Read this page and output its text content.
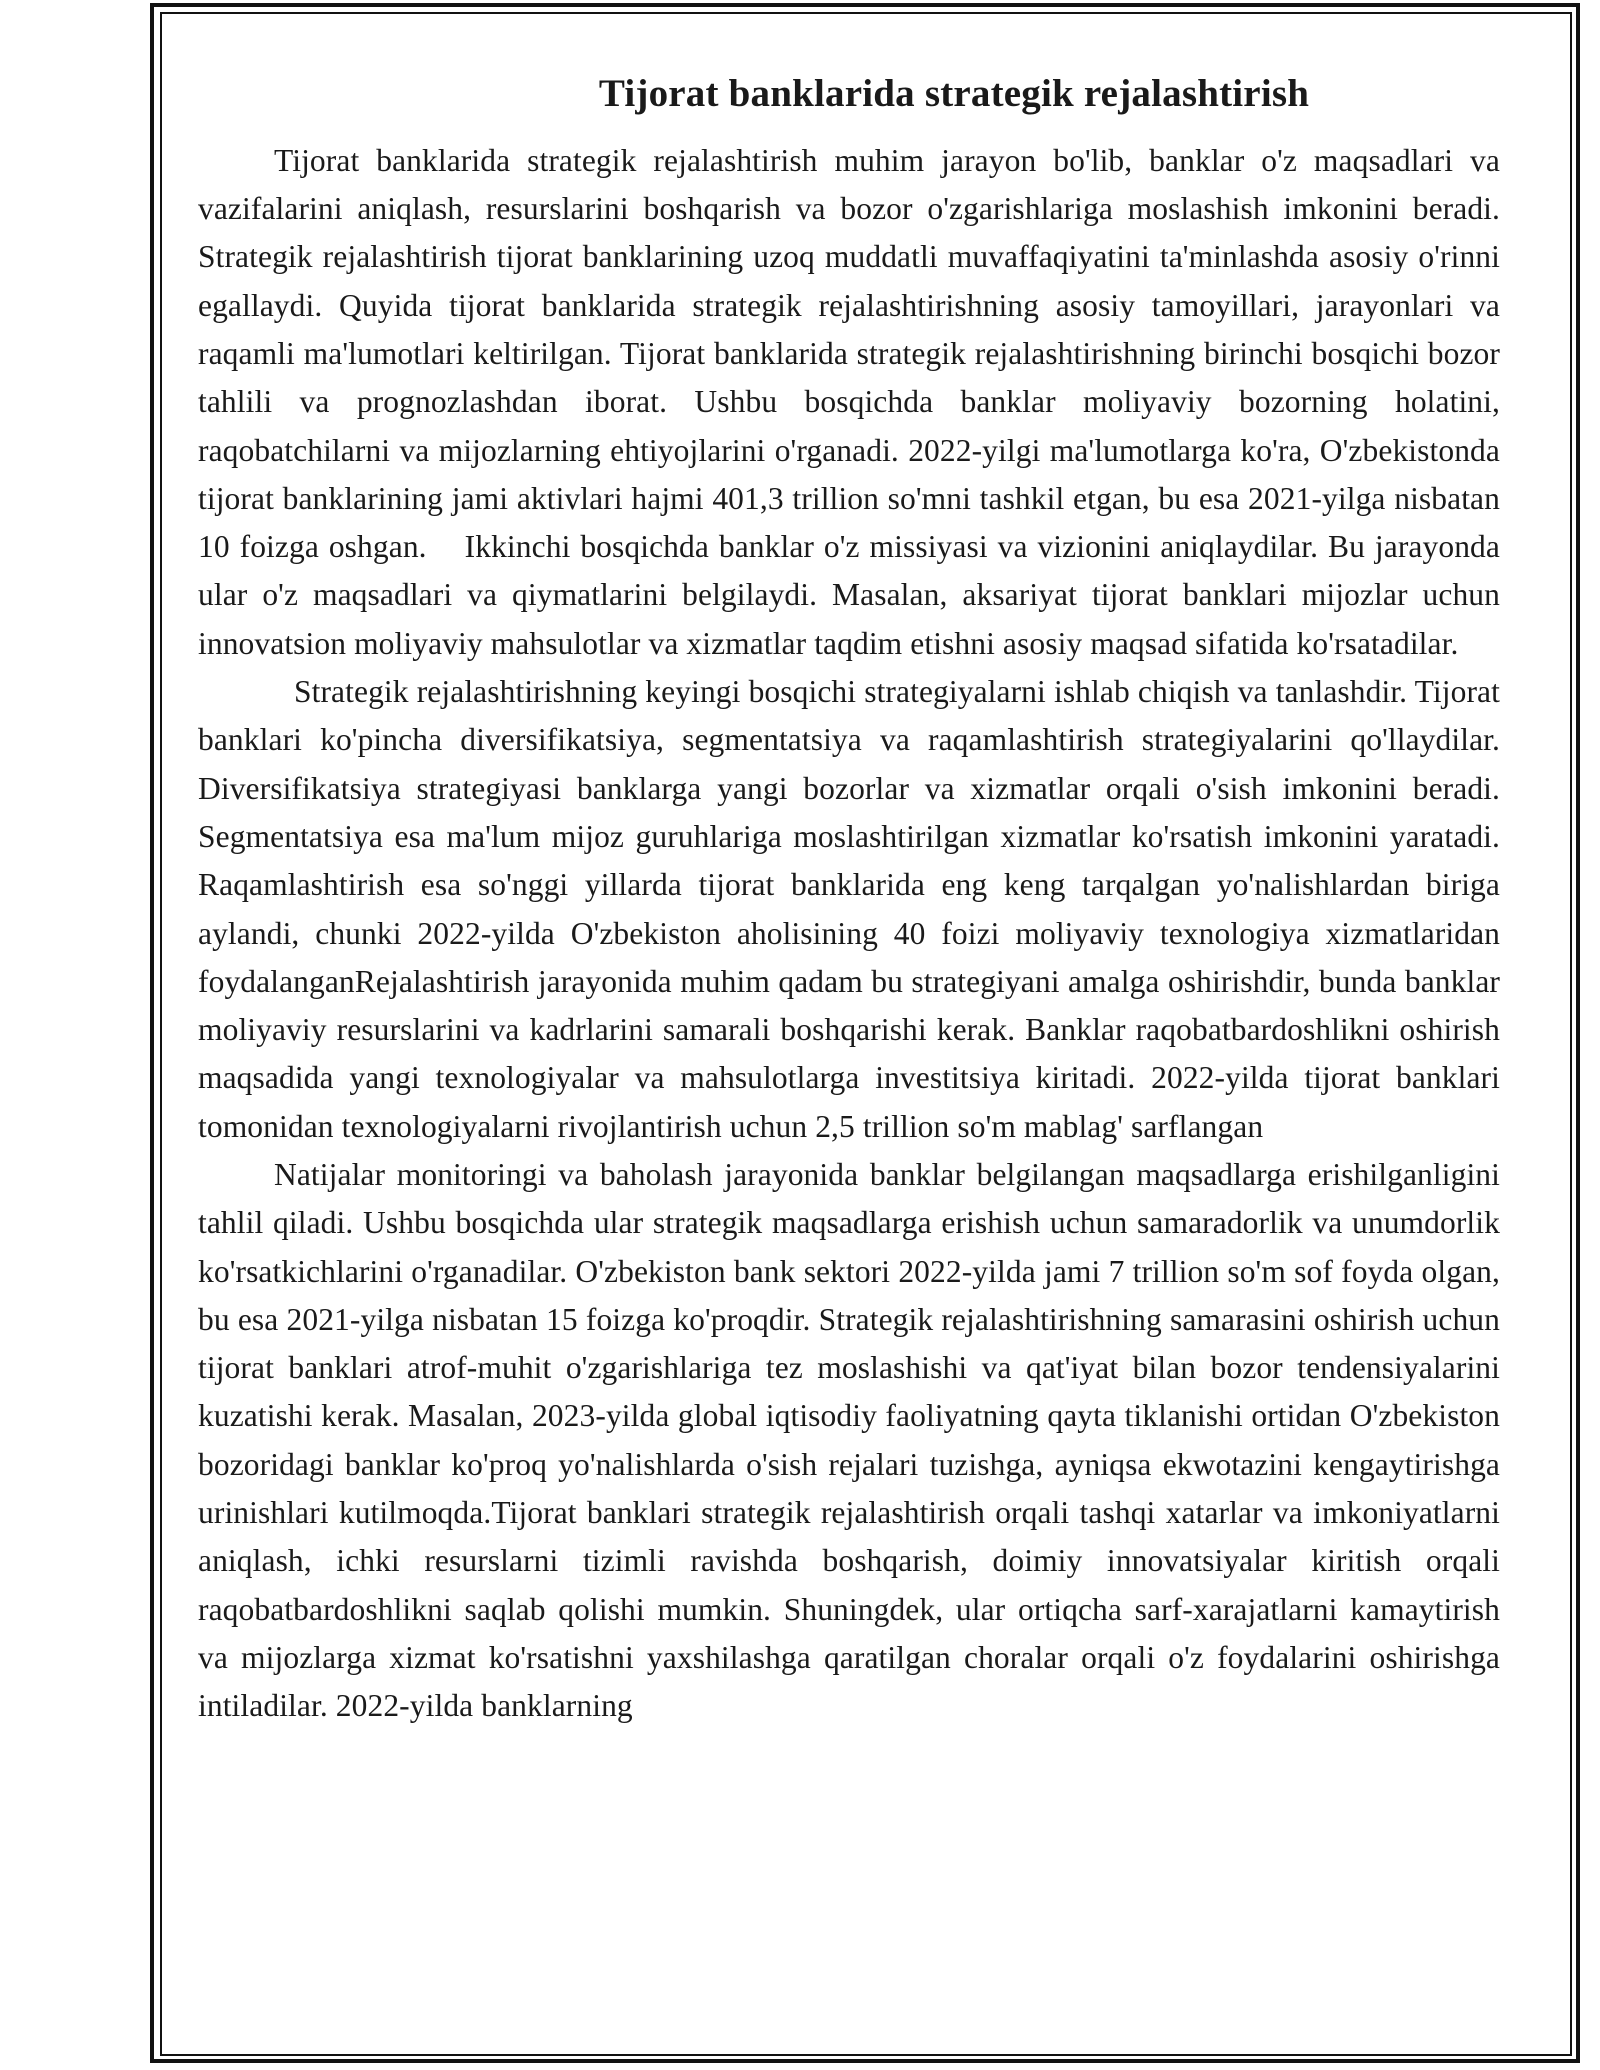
Tijorat banklarida strategik rejalashtirish

Tijorat banklarida strategik rejalashtirish muhim jarayon bo'lib, banklar o'z maqsadlari va vazifalarini aniqlash, resurslarini boshqarish va bozor o'zgarishlariga moslashish imkonini beradi. Strategik rejalashtirish tijorat banklarining uzoq muddatli muvaffaqiyatini ta'minlashda asosiy o'rinni egallaydi. Quyida tijorat banklarida strategik rejalashtirishning asosiy tamoyillari, jarayonlari va raqamli ma'lumotlari keltirilgan. Tijorat banklarida strategik rejalashtirishning birinchi bosqichi bozor tahlili va prognozlashdan iborat. Ushbu bosqichda banklar moliyaviy bozorning holatini, raqobatchilarni va mijozlarning ehtiyojlarini o'rganadi. 2022-yilgi ma'lumotlarga ko'ra, O'zbekistonda tijorat banklarining jami aktivlari hajmi 401,3 trillion so'mni tashkil etgan, bu esa 2021-yilga nisbatan 10 foizga oshgan. Ikkinchi bosqichda banklar o'z missiyasi va vizionini aniqlaydilar. Bu jarayonda ular o'z maqsadlari va qiymatlarini belgilaydi. Masalan, aksariyat tijorat banklari mijozlar uchun innovatsion moliyaviy mahsulotlar va xizmatlar taqdim etishni asosiy maqsad sifatida ko'rsatadilar.

Strategik rejalashtirishning keyingi bosqichi strategiyalarni ishlab chiqish va tanlashdir. Tijorat banklari ko'pincha diversifikatsiya, segmentatsiya va raqamlashtirish strategiyalarini qo'llaydilar. Diversifikatsiya strategiyasi banklarga yangi bozorlar va xizmatlar orqali o'sish imkonini beradi. Segmentatsiya esa ma'lum mijoz guruhlariga moslashtirilgan xizmatlar ko'rsatish imkonini yaratadi. Raqamlashtirish esa so'nggi yillarda tijorat banklarida eng keng tarqalgan yo'nalishlardan biriga aylandi, chunki 2022-yilda O'zbekiston aholisining 40 foizi moliyaviy texnologiya xizmatlaridan foydalanganRejalashtirish jarayonida muhim qadam bu strategiyani amalga oshirishdir, bunda banklar moliyaviy resurslarini va kadrlarini samarali boshqarishi kerak. Banklar raqobatbardoshlikni oshirish maqsadida yangi texnologiyalar va mahsulotlarga investitsiya kiritadi. 2022-yilda tijorat banklari tomonidan texnologiyalarni rivojlantirish uchun 2,5 trillion so'm mablag' sarflangan

Natijalar monitoringi va baholash jarayonida banklar belgilangan maqsadlarga erishilganligini tahlil qiladi. Ushbu bosqichda ular strategik maqsadlarga erishish uchun samaradorlik va unumdorlik ko'rsatkichlarini o'rganadilar. O'zbekiston bank sektori 2022-yilda jami 7 trillion so'm sof foyda olgan, bu esa 2021-yilga nisbatan 15 foizga ko'proqdir. Strategik rejalashtirishning samarasini oshirish uchun tijorat banklari atrof-muhit o'zgarishlariga tez moslashishi va qat'iyat bilan bozor tendensiyalarini kuzatishi kerak. Masalan, 2023-yilda global iqtisodiy faoliyatning qayta tiklanishi ortidan O'zbekiston bozoridagi banklar ko'proq yo'nalishlarda o'sish rejalari tuzishga, ayniqsa ekwotazini kengaytirishga urinishlari kutilmoqda.Tijorat banklari strategik rejalashtirish orqali tashqi xatarlar va imkoniyatlarni aniqlash, ichki resurslarni tizimli ravishda boshqarish, doimiy innovatsiyalar kiritish orqali raqobatbardoshlikni saqlab qolishi mumkin. Shuningdek, ular ortiqcha sarf-xarajatlarni kamaytirish va mijozlarga xizmat ko'rsatishni yaxshilashga qaratilgan choralar orqali o'z foydalarini oshirishga intiladilar. 2022-yilda banklarning
